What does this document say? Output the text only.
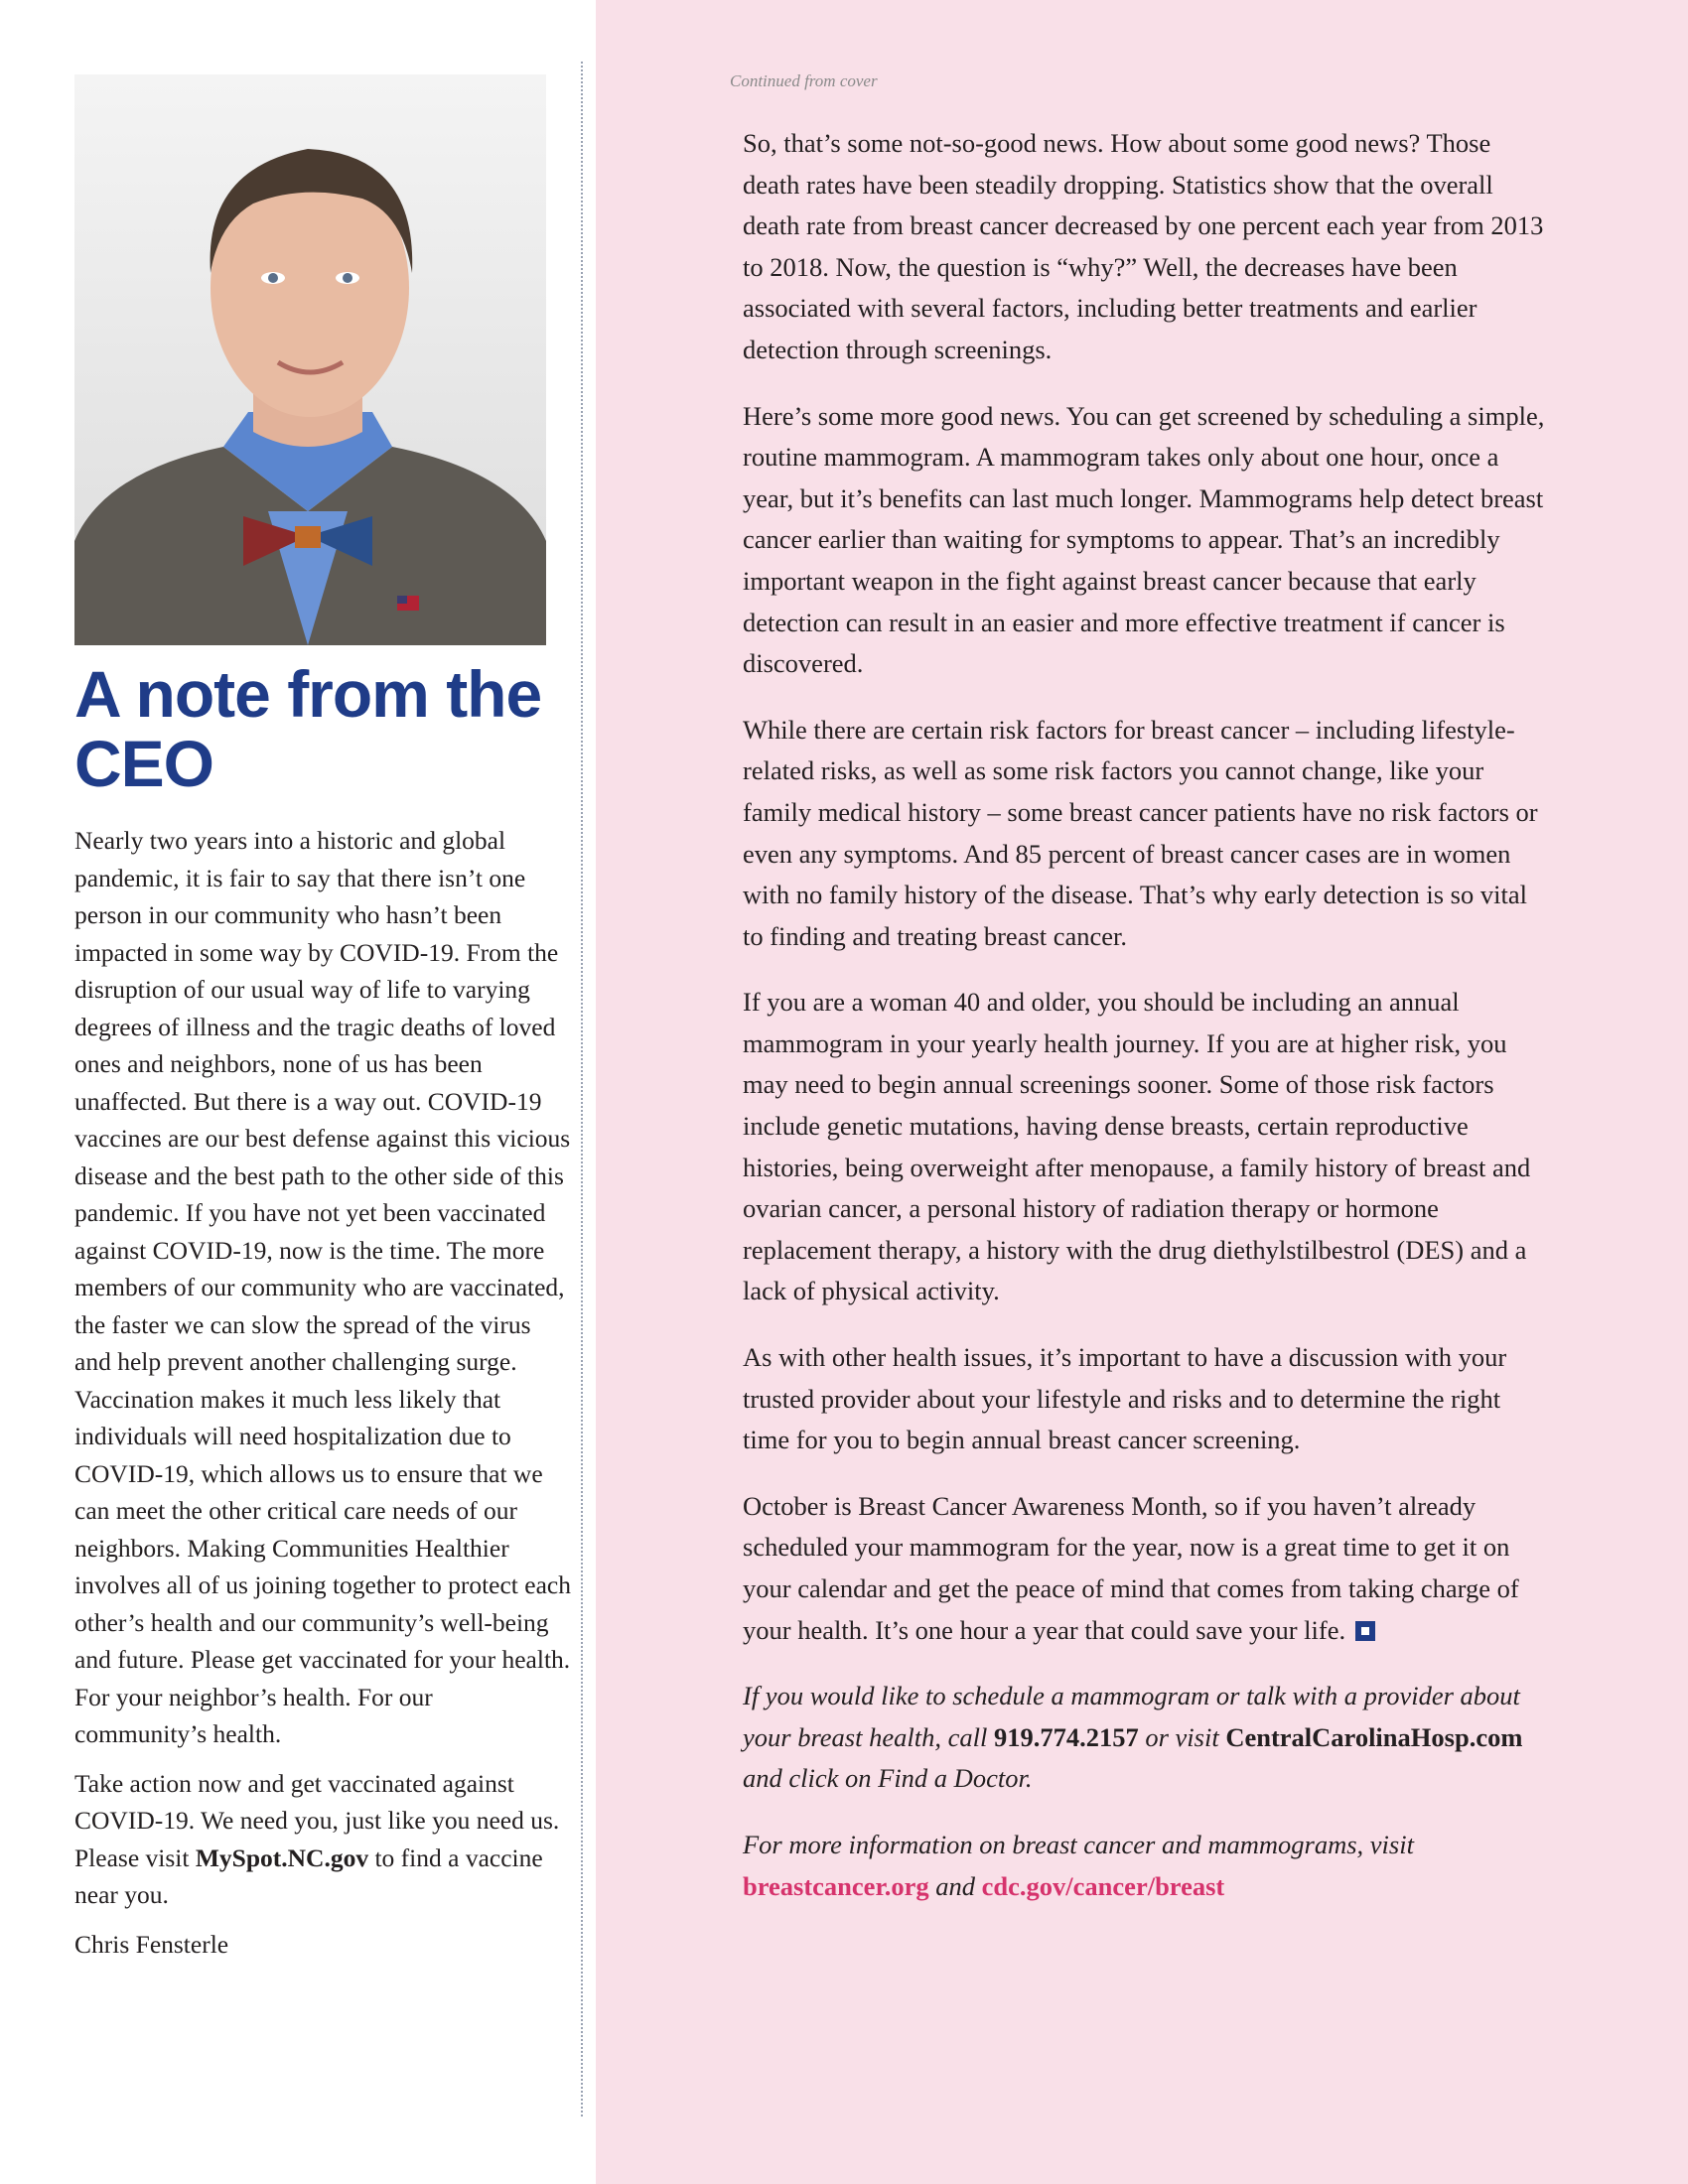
A note from the CEO

Nearly two years into a historic and global pandemic, it is fair to say that there isn’t one person in our community who hasn’t been impacted in some way by COVID-19. From the disruption of our usual way of life to varying degrees of illness and the tragic deaths of loved ones and neighbors, none of us has been unaffected. But there is a way out. COVID-19 vaccines are our best defense against this vicious disease and the best path to the other side of this pandemic. If you have not yet been vaccinated against COVID-19, now is the time. The more members of our community who are vaccinated, the faster we can slow the spread of the virus and help prevent another challenging surge. Vaccination makes it much less likely that individuals will need hospitalization due to COVID-19, which allows us to ensure that we can meet the other critical care needs of our neighbors. Making Communities Healthier involves all of us joining together to protect each other’s health and our community’s well-being and future. Please get vaccinated for your health. For your neighbor’s health. For our community’s health.

Take action now and get vaccinated against COVID-19. We need you, just like you need us. Please visit MySpot.NC.gov to find a vaccine near you.

Chris Fensterle

Continued from cover

So, that’s some not-so-good news. How about some good news? Those death rates have been steadily dropping. Statistics show that the overall death rate from breast cancer decreased by one percent each year from 2013 to 2018. Now, the question is “why?” Well, the decreases have been associated with several factors, including better treatments and earlier detection through screenings.

Here’s some more good news. You can get screened by scheduling a simple, routine mammogram. A mammogram takes only about one hour, once a year, but it’s benefits can last much longer. Mammograms help detect breast cancer earlier than waiting for symptoms to appear. That’s an incredibly important weapon in the fight against breast cancer because that early detection can result in an easier and more effective treatment if cancer is discovered.

While there are certain risk factors for breast cancer – including lifestyle-related risks, as well as some risk factors you cannot change, like your family medical history – some breast cancer patients have no risk factors or even any symptoms. And 85 percent of breast cancer cases are in women with no family history of the disease. That’s why early detection is so vital to finding and treating breast cancer.

If you are a woman 40 and older, you should be including an annual mammogram in your yearly health journey. If you are at higher risk, you may need to begin annual screenings sooner. Some of those risk factors include genetic mutations, having dense breasts, certain reproductive histories, being overweight after menopause, a family history of breast and ovarian cancer, a personal history of radiation therapy or hormone replacement therapy, a history with the drug diethylstilbestrol (DES) and a lack of physical activity.

As with other health issues, it’s important to have a discussion with your trusted provider about your lifestyle and risks and to determine the right time for you to begin annual breast cancer screening.

October is Breast Cancer Awareness Month, so if you haven’t already scheduled your mammogram for the year, now is a great time to get it on your calendar and get the peace of mind that comes from taking charge of your health. It’s one hour a year that could save your life.

If you would like to schedule a mammogram or talk with a provider about your breast health, call 919.774.2157 or visit CentralCarolinaHosp.com and click on Find a Doctor.

For more information on breast cancer and mammograms, visit
breastcancer.org and cdc.gov/cancer/breast
